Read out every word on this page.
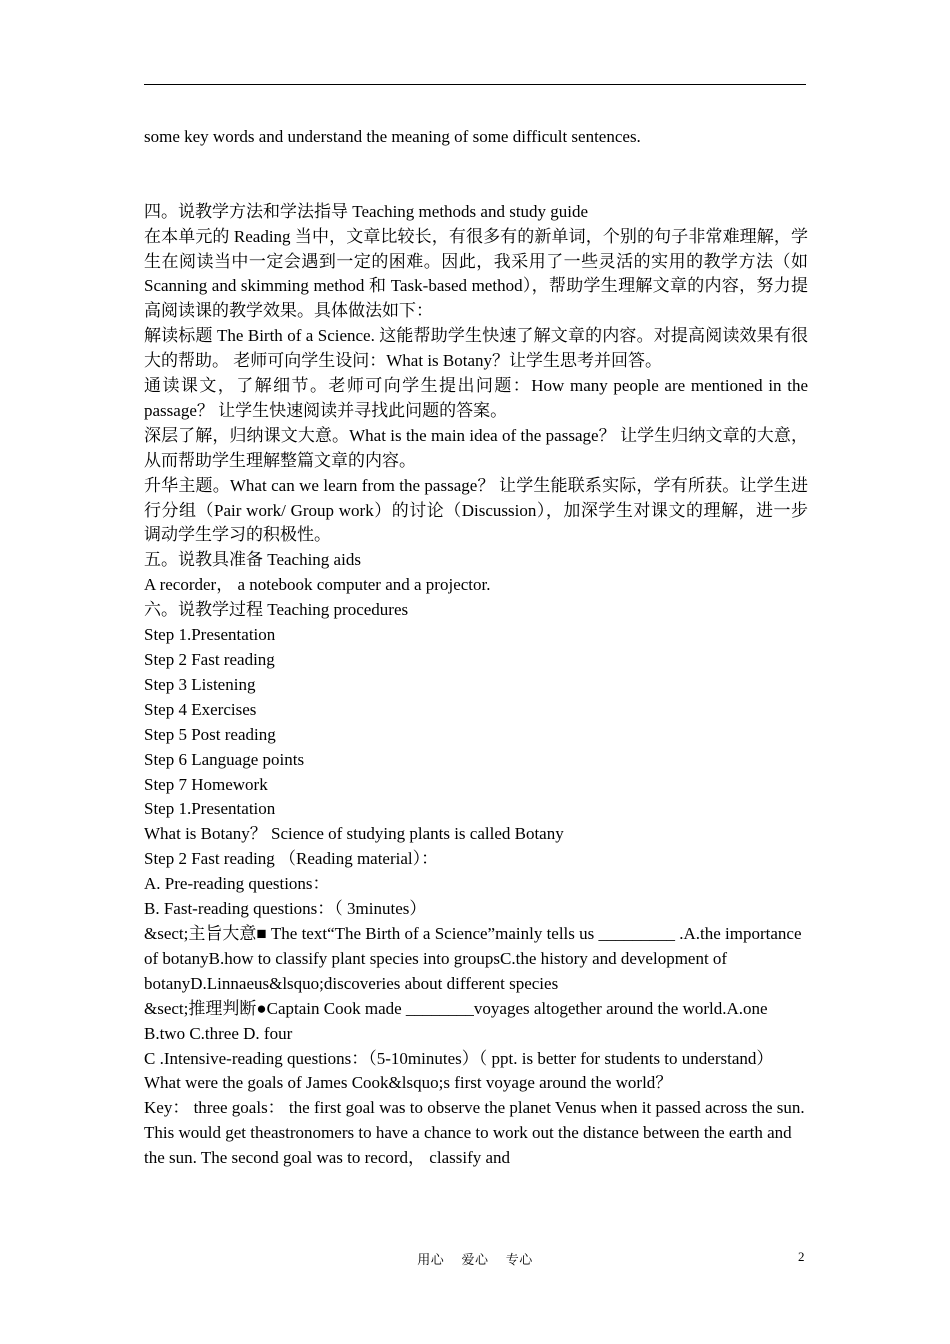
some key words and understand the meaning of some difficult sentences.

四。说教学方法和学法指导 Teaching methods and study guide

在本单元的 Reading 当中，文章比较长，有很多有的新单词，个别的句子非常难理解，学生在阅读当中一定会遇到一定的困难。因此，我采用了一些灵活的实用的教学方法（如 Scanning and skimming method 和 Task-based method），帮助学生理解文章的内容，努力提高阅读课的教学效果。具体做法如下：

解读标题 The Birth of a Science. 这能帮助学生快速了解文章的内容。对提高阅读效果有很大的帮助。 老师可向学生设问：What is Botany？让学生思考并回答。

通读课文，了解细节。老师可向学生提出问题：How many people are mentioned in the passage？ 让学生快速阅读并寻找此问题的答案。

深层了解，归纳课文大意。What is the main idea of the passage？ 让学生归纳文章的大意，从而帮助学生理解整篇文章的内容。

升华主题。What can we learn from the passage？ 让学生能联系实际，学有所获。让学生进行分组（Pair work/ Group work）的讨论（Discussion），加深学生对课文的理解，进一步调动学生学习的积极性。

五。说教具准备 Teaching aids

A recorder， a notebook computer and a projector.

六。说教学过程 Teaching procedures

Step 1.Presentation

Step 2 Fast reading

Step 3 Listening

Step 4 Exercises

Step 5 Post reading

Step 6 Language points

Step 7 Homework

Step 1.Presentation

What is Botany？ Science of studying plants is called Botany

Step 2 Fast reading （Reading material）：

A. Pre-reading questions：

B. Fast-reading questions：（ 3minutes）

&sect;主旨大意■ The text“The Birth of a Science”mainly tells us _________ .A.the importance of botanyB.how to classify plant species into groupsC.the history and development of botanyD.Linnaeus&lsquo;discoveries about different species

&sect;推理判断●Captain Cook made ________voyages altogether around the world.A.one B.two C.three D. four

C .Intensive-reading questions：（5-10minutes）（ ppt. is better for students to understand）

What were the goals of James Cook&lsquo;s first voyage around the world？

Key： three goals： the first goal was to observe the planet Venus when it passed across the sun. This would get theastronomers to have a chance to work out the distance between the earth and the sun. The second goal was to record， classify and

用心　 爱心　 专心	2
